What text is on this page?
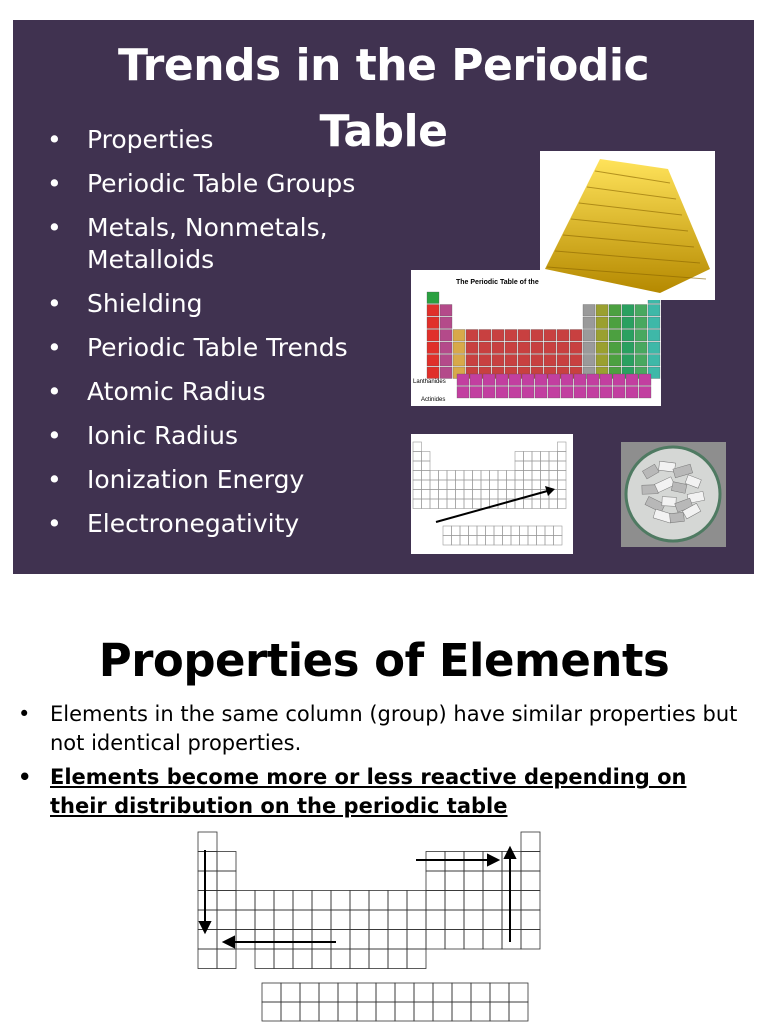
Trends in the Periodic
Table
• Properties
• Periodic Table Groups
• Metals, Nonmetals,
Metalloids
• Shielding
• Periodic Table Trends
• Atomic Radius
• Ionic Radius
• Ionization Energy
• Electronegativity
The Periodic Table of the
Lanthanides
Actinides
Properties of Elements
• Elements in the same column (group) have similar properties but not identical properties.
• Elements become more or less reactive depending on their distribution on the periodic table
